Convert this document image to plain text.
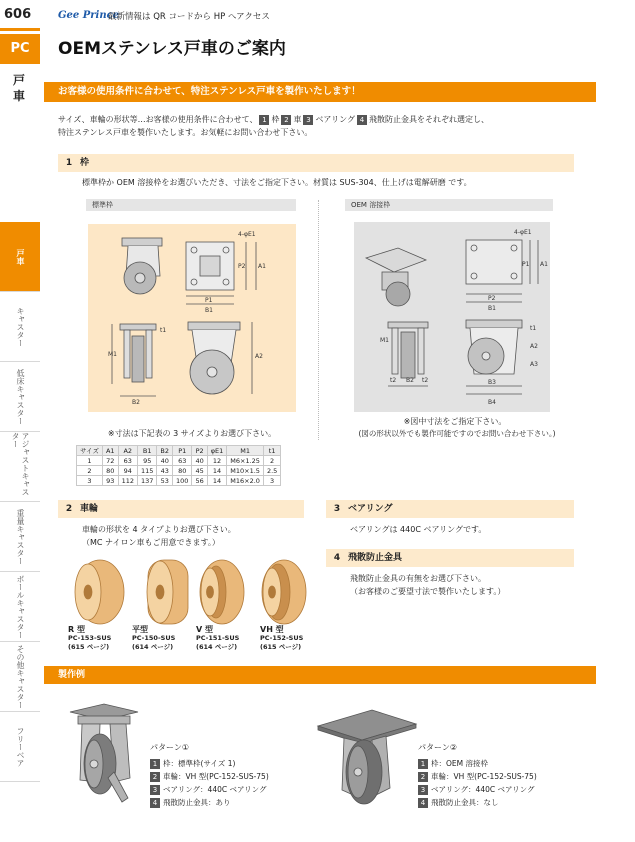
606
PC
戸車
戸車
キャスター
低床キャスター
アジャストキャスター
重量キャスター
ボールキャスター
その他キャスター
フリーベア
Gee Prince
最新情報は QR コードから HP へアクセス
OEMステンレス戸車のご案内
お客様の使用条件に合わせて、特注ステンレス戸車を製作いたします！
サイズ、車輪の形状等…お客様の使用条件に合わせて、 1 枠 2 車 3 ベアリング 4 飛散防止金具をそれぞれ選定し、
特注ステンレス戸車を製作いたします。お気軽にお問い合わせ下さい。
1 枠
標準枠か OEM 溶接枠をお選びいただき、寸法をご指定下さい。材質は SUS-304、仕上げは電解研磨 です。
標準枠	OEM 溶接枠
4-φE1
P1
B1
P2 A1
M1
t1
B2
A2
※寸法は下記表の 3 サイズよりお選び下さい。
4-φE1
P2
B1
P1 A1
M1
t2 B2 t2
t1
A2
A3
B3
B4
※図中寸法をご指定下さい。
(図の形状以外でも製作可能ですのでお問い合わせ下さい。)
サイズ	A1	A2	B1	B2	P1	P2	φE1	M1	t1
1	72	63	95	40	63	40	12	M6×1.25	2
2	80	94	115	43	80	45	14	M10×1.5	2.5
3	93	112	137	53	100	56	14	M16×2.0	3
2 車輪
車輪の形状を 4 タイプよりお選び下さい。
（MC ナイロン車もご用意できます。）
R 型
PC-153-SUS
(615 ページ)
平型
PC-150-SUS
(614 ページ)
V 型
PC-151-SUS
(614 ページ)
VH 型
PC-152-SUS
(615 ページ)
3 ベアリング
ベアリングは 440C ベアリングです。
4 飛散防止金具
飛散防止金具の有無をお選び下さい。
（お客様のご要望寸法で製作いたします。）
製作例
パターン①
1 枠：標準枠(サイズ 1)
2 車輪：VH 型(PC-152-SUS-75)
3 ベアリング：440C ベアリング
4 飛散防止金具：あり
パターン②
1 枠：OEM 溶接枠
2 車輪：VH 型(PC-152-SUS-75)
3 ベアリング：440C ベアリング
4 飛散防止金具：なし
